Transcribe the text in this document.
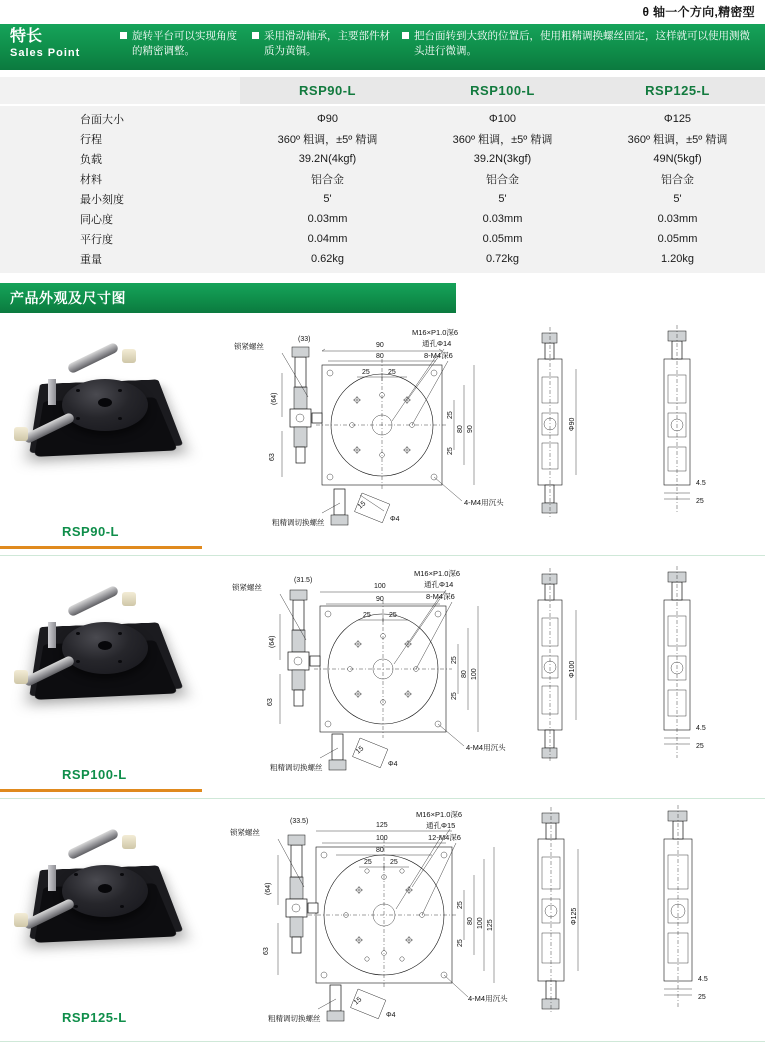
θ 轴一个方向,精密型
特长
Sales Point
旋转平台可以实现角度的精密调整。
采用滑动轴承，主要部件材质为黄铜。
把台面转到大致的位置后，使用粗精调换螺丝固定，这样就可以使用测微头进行微调。
	RSP90-L	RSP100-L	RSP125-L
台面大小	Φ90	Φ100	Φ125
行程	360º 粗调，±5º 精调	360º 粗调，±5º 精调	360º 粗调，±5º 精调
负载	39.2N(4kgf)	39.2N(3kgf)	49N(5kgf)
材料	铝合金	铝合金	铝合金
最小刻度	5'	5'	5'
同心度	0.03mm	0.03mm	0.03mm
平行度	0.04mm	0.05mm	0.05mm
重量	0.62kg	0.72kg	1.20kg
产品外观及尺寸图
RSP90-L
90
80
25	25
(33)
(64)
63
25
25
80 90
M16×P1.0深6
通孔Φ14
8-M4深6
4-M4用沉头
锁紧螺丝
粗精调切换螺丝
15
Φ4
Φ90
4.5
25
RSP100-L
100
90
25	25
(31.5)
(64)
63
25
25
80 100
M16×P1.0深6
通孔Φ14
8-M4深6
4-M4用沉头
锁紧螺丝
粗精调切换螺丝
15
Φ4
Φ100
4.5
25
RSP125-L
125
100
80
25	25
(33.5)
(64)
63
25
25
80 100 125
M16×P1.0深6
通孔Φ15
12-M4深6
4-M4用沉头
锁紧螺丝
粗精调切换螺丝
15
Φ4
Φ125
4.5
25
